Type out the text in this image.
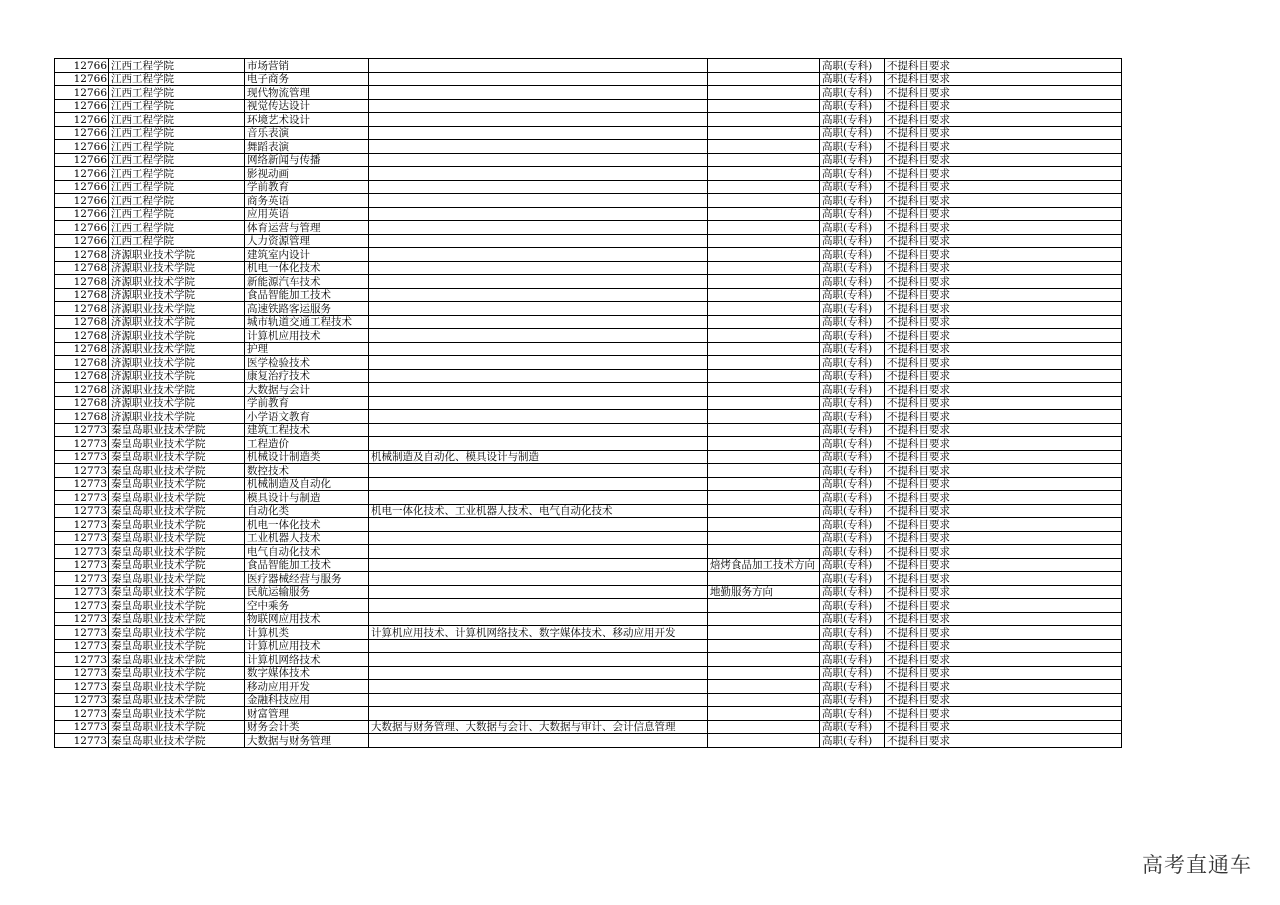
12766	江西工程学院	市场营销			高职(专科)	不提科目要求
12766	江西工程学院	电子商务			高职(专科)	不提科目要求
12766	江西工程学院	现代物流管理			高职(专科)	不提科目要求
12766	江西工程学院	视觉传达设计			高职(专科)	不提科目要求
12766	江西工程学院	环境艺术设计			高职(专科)	不提科目要求
12766	江西工程学院	音乐表演			高职(专科)	不提科目要求
12766	江西工程学院	舞蹈表演			高职(专科)	不提科目要求
12766	江西工程学院	网络新闻与传播			高职(专科)	不提科目要求
12766	江西工程学院	影视动画			高职(专科)	不提科目要求
12766	江西工程学院	学前教育			高职(专科)	不提科目要求
12766	江西工程学院	商务英语			高职(专科)	不提科目要求
12766	江西工程学院	应用英语			高职(专科)	不提科目要求
12766	江西工程学院	体育运营与管理			高职(专科)	不提科目要求
12766	江西工程学院	人力资源管理			高职(专科)	不提科目要求
12768	济源职业技术学院	建筑室内设计			高职(专科)	不提科目要求
12768	济源职业技术学院	机电一体化技术			高职(专科)	不提科目要求
12768	济源职业技术学院	新能源汽车技术			高职(专科)	不提科目要求
12768	济源职业技术学院	食品智能加工技术			高职(专科)	不提科目要求
12768	济源职业技术学院	高速铁路客运服务			高职(专科)	不提科目要求
12768	济源职业技术学院	城市轨道交通工程技术			高职(专科)	不提科目要求
12768	济源职业技术学院	计算机应用技术			高职(专科)	不提科目要求
12768	济源职业技术学院	护理			高职(专科)	不提科目要求
12768	济源职业技术学院	医学检验技术			高职(专科)	不提科目要求
12768	济源职业技术学院	康复治疗技术			高职(专科)	不提科目要求
12768	济源职业技术学院	大数据与会计			高职(专科)	不提科目要求
12768	济源职业技术学院	学前教育			高职(专科)	不提科目要求
12768	济源职业技术学院	小学语文教育			高职(专科)	不提科目要求
12773	秦皇岛职业技术学院	建筑工程技术			高职(专科)	不提科目要求
12773	秦皇岛职业技术学院	工程造价			高职(专科)	不提科目要求
12773	秦皇岛职业技术学院	机械设计制造类	机械制造及自动化、模具设计与制造		高职(专科)	不提科目要求
12773	秦皇岛职业技术学院	数控技术			高职(专科)	不提科目要求
12773	秦皇岛职业技术学院	机械制造及自动化			高职(专科)	不提科目要求
12773	秦皇岛职业技术学院	模具设计与制造			高职(专科)	不提科目要求
12773	秦皇岛职业技术学院	自动化类	机电一体化技术、工业机器人技术、电气自动化技术		高职(专科)	不提科目要求
12773	秦皇岛职业技术学院	机电一体化技术			高职(专科)	不提科目要求
12773	秦皇岛职业技术学院	工业机器人技术			高职(专科)	不提科目要求
12773	秦皇岛职业技术学院	电气自动化技术			高职(专科)	不提科目要求
12773	秦皇岛职业技术学院	食品智能加工技术		焙烤食品加工技术方向	高职(专科)	不提科目要求
12773	秦皇岛职业技术学院	医疗器械经营与服务			高职(专科)	不提科目要求
12773	秦皇岛职业技术学院	民航运输服务		地勤服务方向	高职(专科)	不提科目要求
12773	秦皇岛职业技术学院	空中乘务			高职(专科)	不提科目要求
12773	秦皇岛职业技术学院	物联网应用技术			高职(专科)	不提科目要求
12773	秦皇岛职业技术学院	计算机类	计算机应用技术、计算机网络技术、数字媒体技术、移动应用开发		高职(专科)	不提科目要求
12773	秦皇岛职业技术学院	计算机应用技术			高职(专科)	不提科目要求
12773	秦皇岛职业技术学院	计算机网络技术			高职(专科)	不提科目要求
12773	秦皇岛职业技术学院	数字媒体技术			高职(专科)	不提科目要求
12773	秦皇岛职业技术学院	移动应用开发			高职(专科)	不提科目要求
12773	秦皇岛职业技术学院	金融科技应用			高职(专科)	不提科目要求
12773	秦皇岛职业技术学院	财富管理			高职(专科)	不提科目要求
12773	秦皇岛职业技术学院	财务会计类	大数据与财务管理、大数据与会计、大数据与审计、会计信息管理		高职(专科)	不提科目要求
12773	秦皇岛职业技术学院	大数据与财务管理			高职(专科)	不提科目要求
高考直通车
